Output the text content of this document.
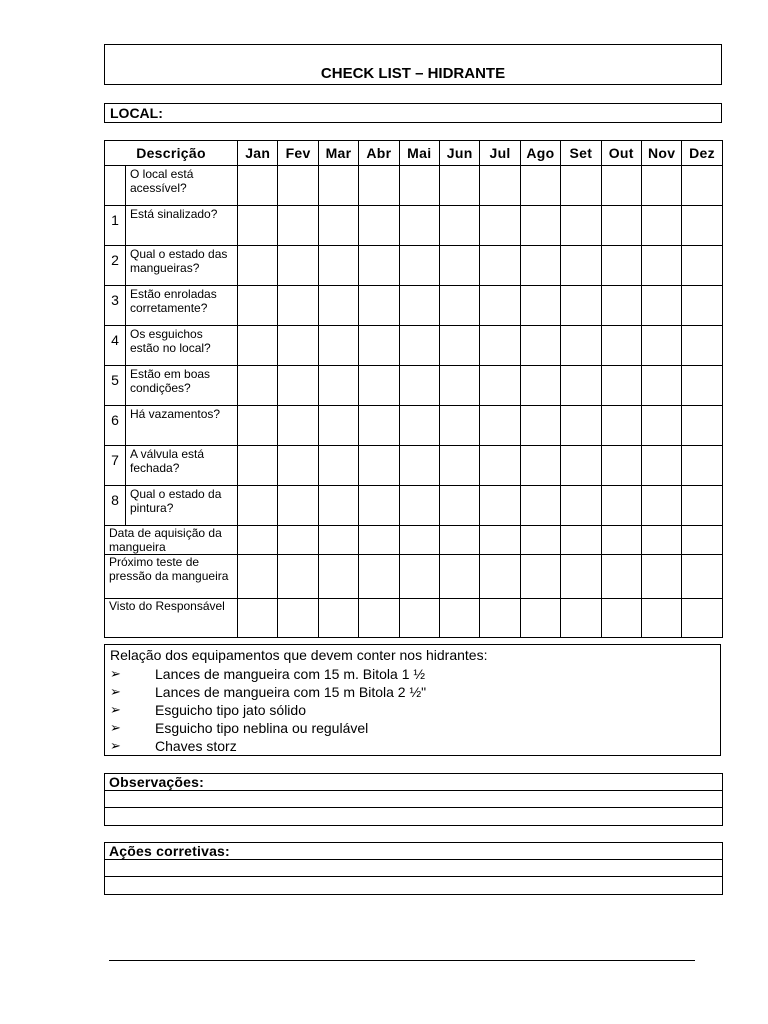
CHECK LIST – HIDRANTE
LOCAL:
Descrição		Jan	Fev	Mar	Abr	Mai	Jun	Jul	Ago	Set	Out	Nov	Dez
	O local está acessível?												
1	Está sinalizado?												
2	Qual o estado das mangueiras?												
3	Estão enroladas corretamente?												
4	Os esguichos estão no local?												
5	Estão em boas condições?												
6	Há vazamentos?												
7	A válvula está fechada?												
8	Qual o estado da pintura?												
Data de aquisição da mangueira													
Próximo teste de pressão da mangueira													
Visto do Responsável													
Relação dos equipamentos que devem conter nos hidrantes:
➢	Lances de mangueira com 15 m. Bitola 1 ½
➢	Lances de mangueira com 15 m Bitola 2 ½"
➢	Esguicho tipo jato sólido
➢	Esguicho tipo neblina ou regulável
➢	Chaves storz
Observações:
Ações corretivas:
